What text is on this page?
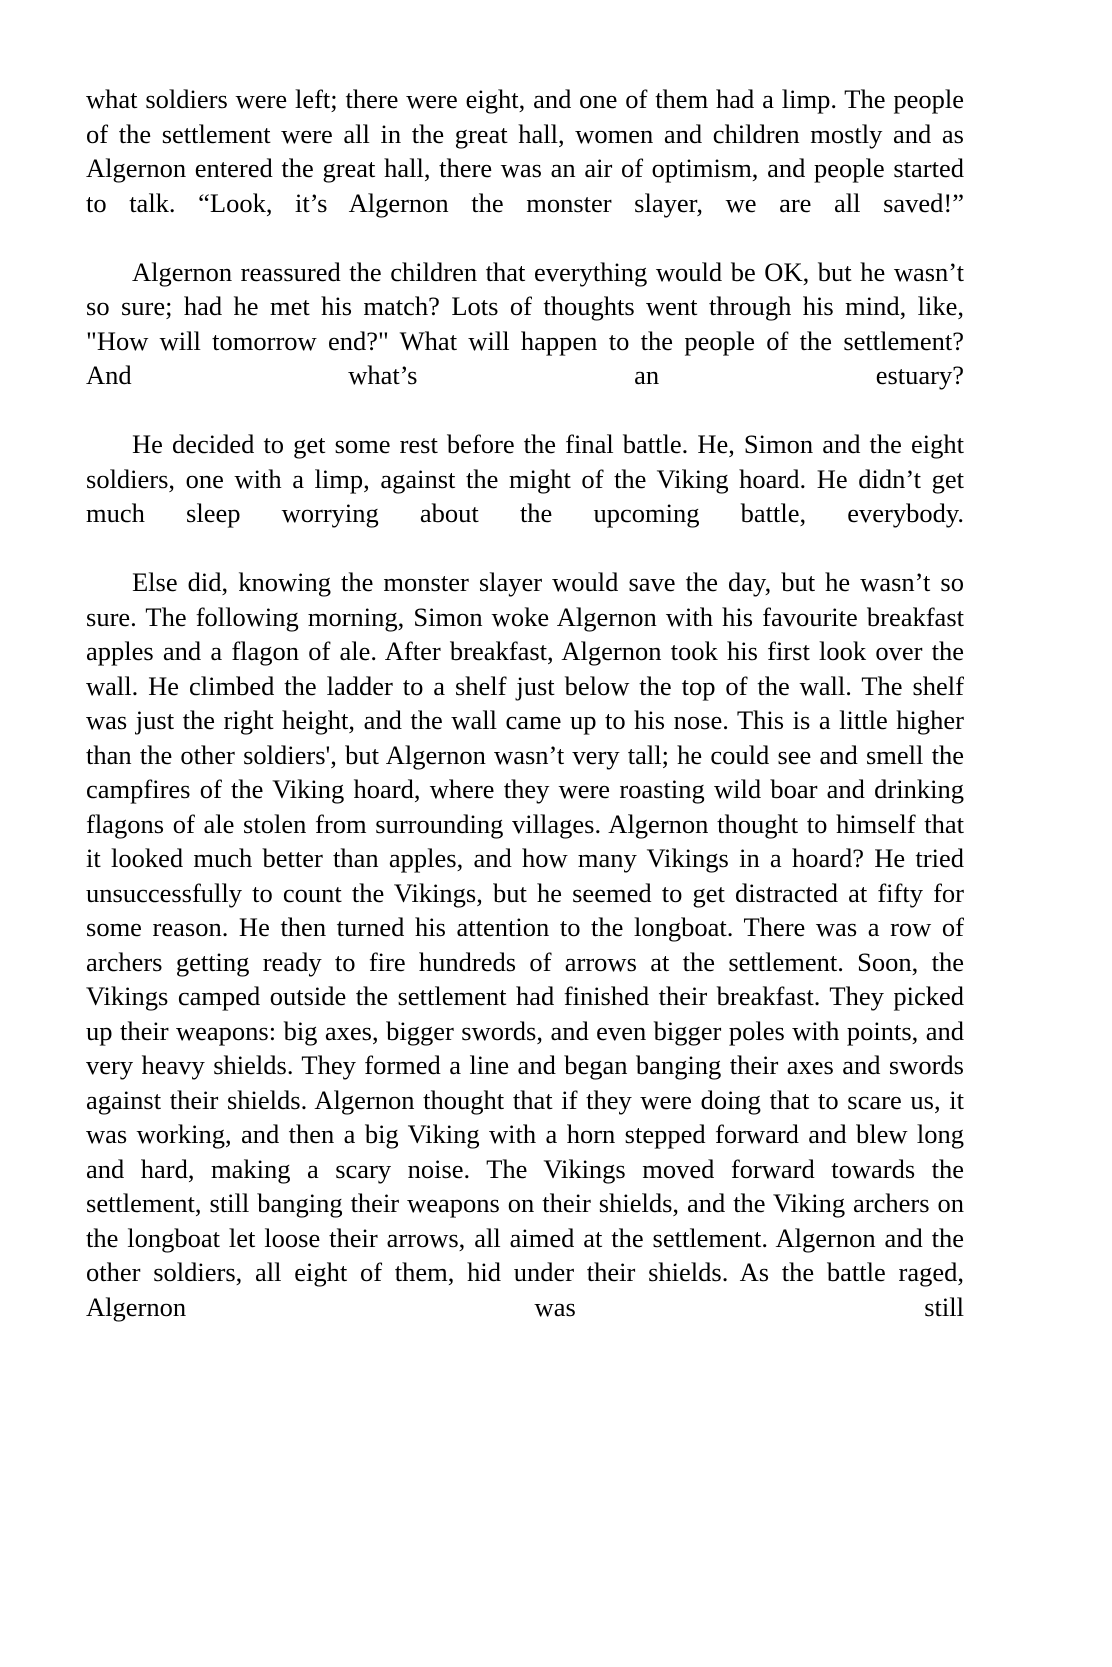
what soldiers were left; there were eight, and one of them had a limp. The people of the settlement were all in the great hall, women and children mostly and as Algernon entered the great hall, there was an air of optimism, and people started to talk. “Look, it’s Algernon the monster slayer, we are all saved!”

Algernon reassured the children that everything would be OK, but he wasn’t so sure; had he met his match? Lots of thoughts went through his mind, like, "How will tomorrow end?" What will happen to the people of the settlement? And what’s an estuary?

He decided to get some rest before the final battle. He, Simon and the eight soldiers, one with a limp, against the might of the Viking hoard. He didn’t get much sleep worrying about the upcoming battle, everybody.

Else did, knowing the monster slayer would save the day, but he wasn’t so sure. The following morning, Simon woke Algernon with his favourite breakfast apples and a flagon of ale. After breakfast, Algernon took his first look over the wall. He climbed the ladder to a shelf just below the top of the wall. The shelf was just the right height, and the wall came up to his nose. This is a little higher than the other soldiers', but Algernon wasn’t very tall; he could see and smell the campfires of the Viking hoard, where they were roasting wild boar and drinking flagons of ale stolen from surrounding villages. Algernon thought to himself that it looked much better than apples, and how many Vikings in a hoard? He tried unsuccessfully to count the Vikings, but he seemed to get distracted at fifty for some reason. He then turned his attention to the longboat. There was a row of archers getting ready to fire hundreds of arrows at the settlement. Soon, the Vikings camped outside the settlement had finished their breakfast. They picked up their weapons: big axes, bigger swords, and even bigger poles with points, and very heavy shields. They formed a line and began banging their axes and swords against their shields. Algernon thought that if they were doing that to scare us, it was working, and then a big Viking with a horn stepped forward and blew long and hard, making a scary noise. The Vikings moved forward towards the settlement, still banging their weapons on their shields, and the Viking archers on the longboat let loose their arrows, all aimed at the settlement. Algernon and the other soldiers, all eight of them, hid under their shields. As the battle raged, Algernon was still
